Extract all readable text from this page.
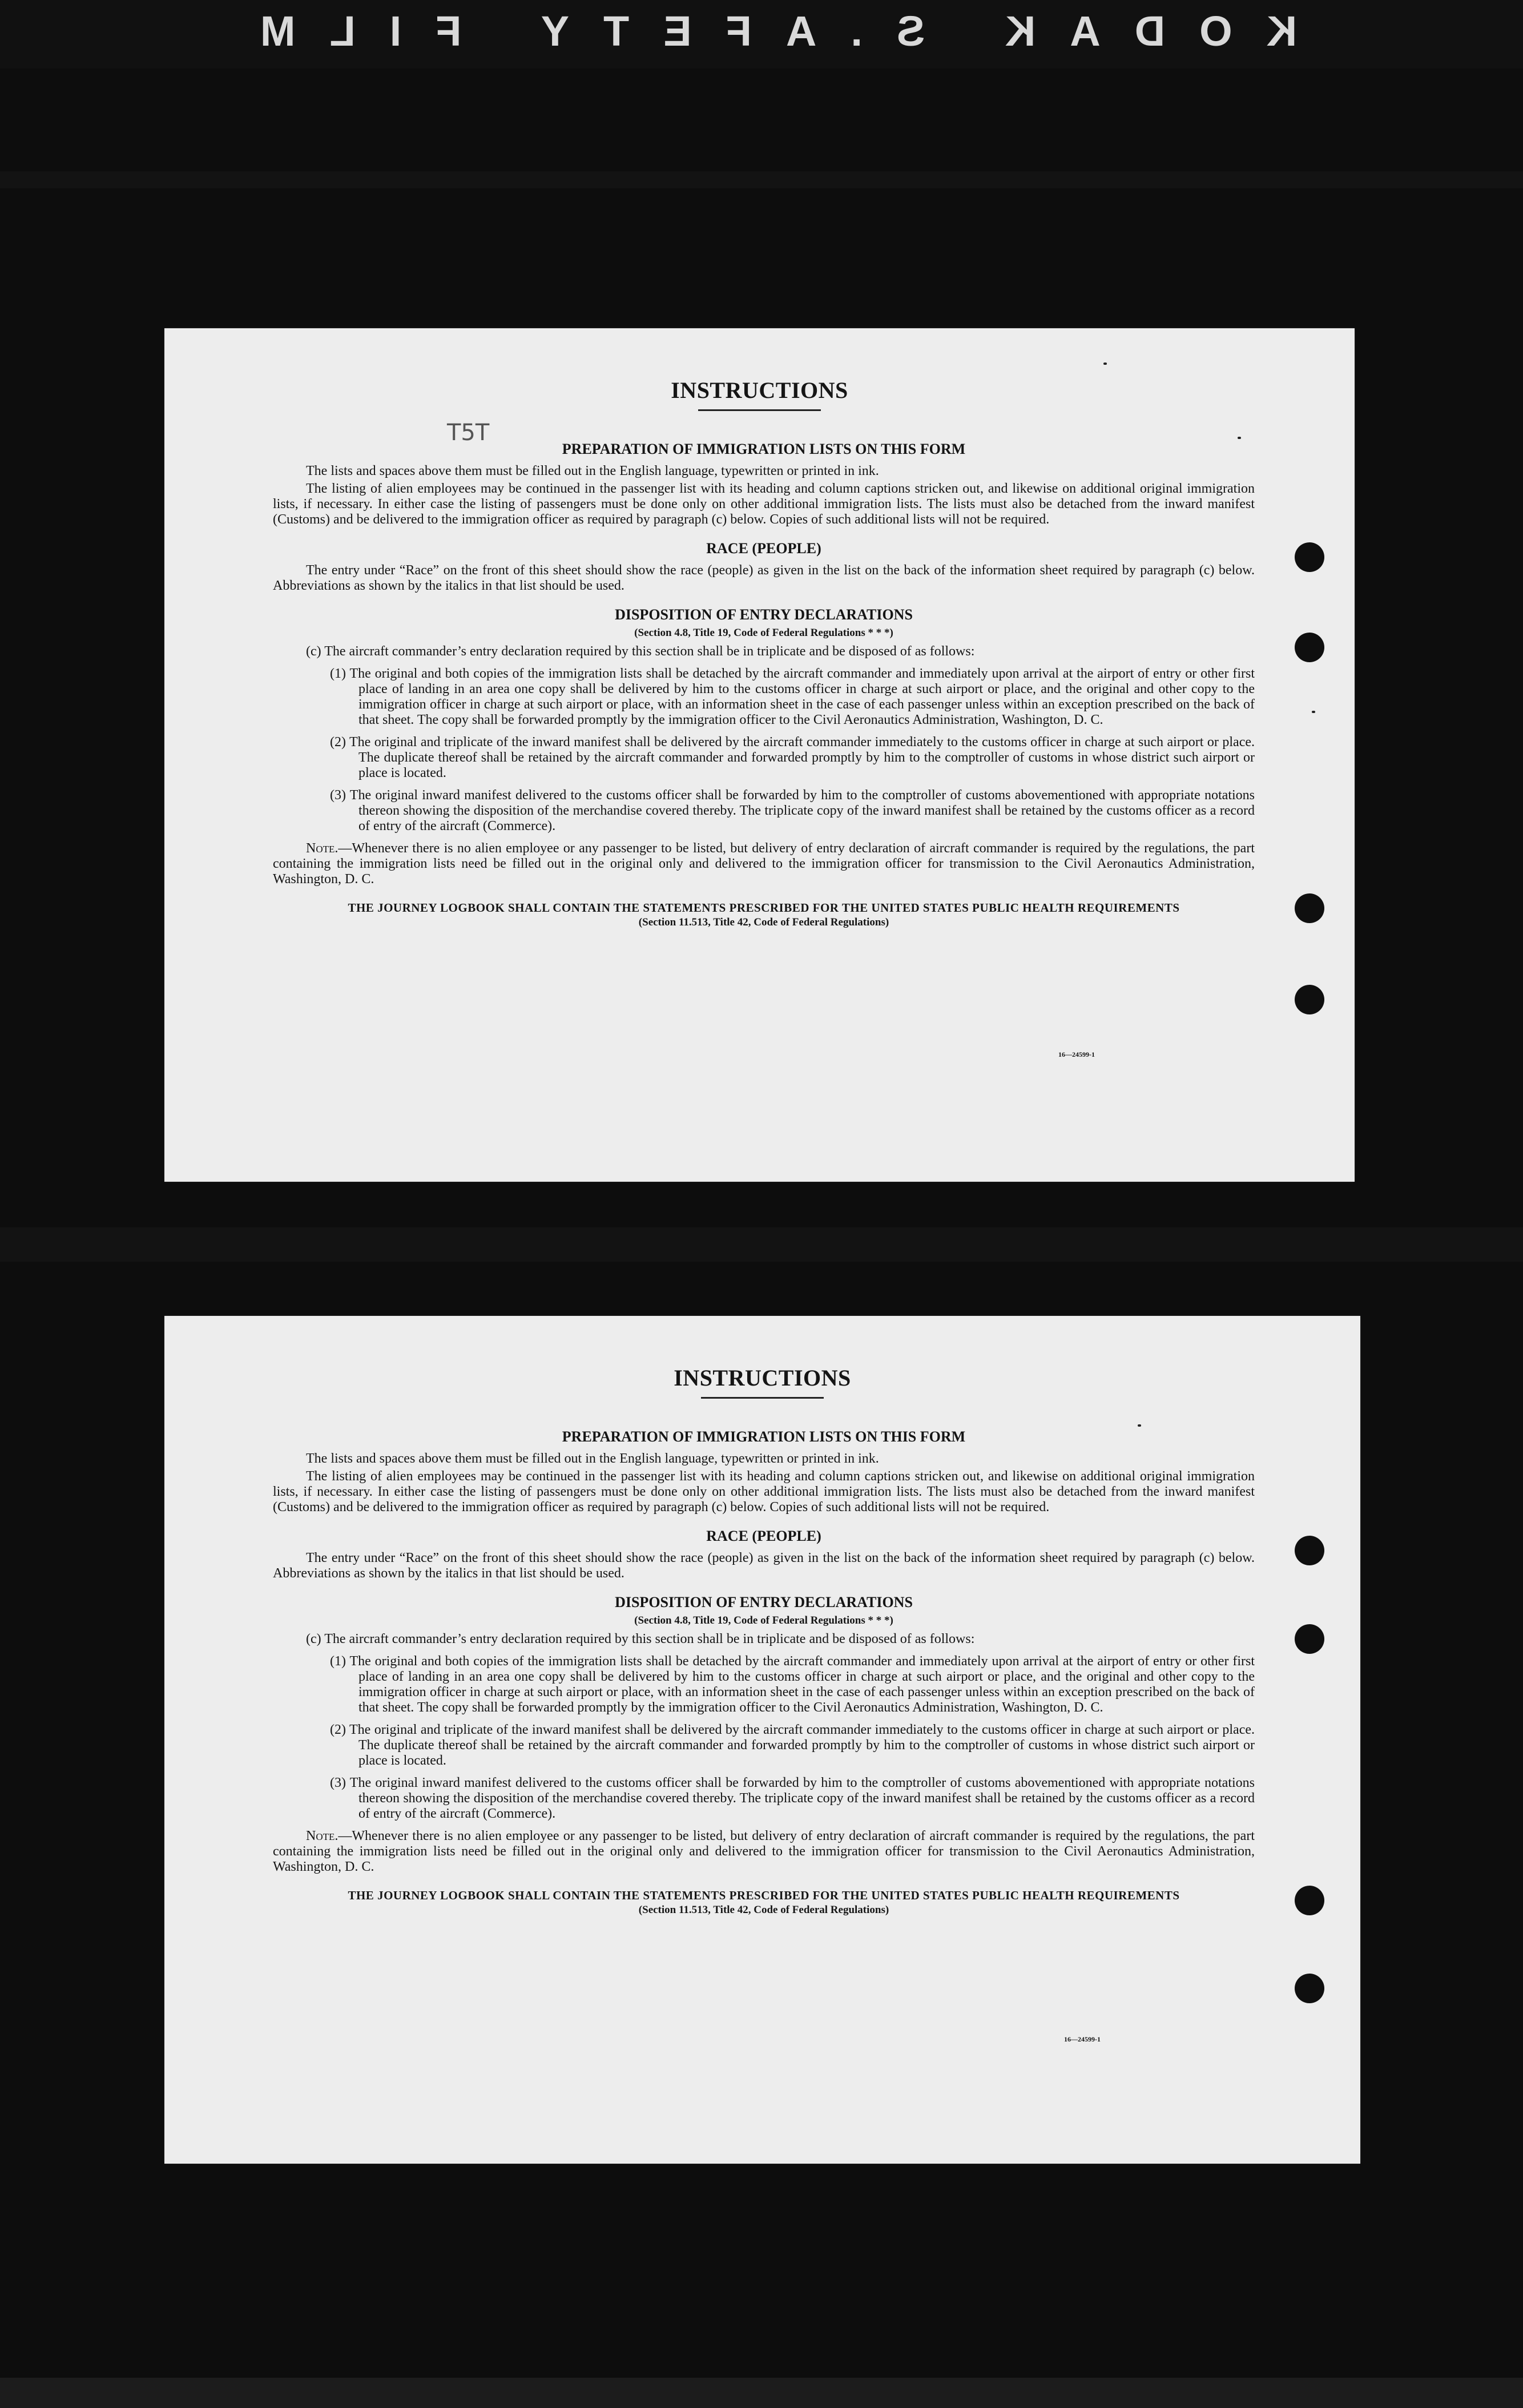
KODAK S.AFETY FILM
T5T
INSTRUCTIONS
PREPARATION OF IMMIGRATION LISTS ON THIS FORM

The lists and spaces above them must be filled out in the English language, typewritten or printed in ink.

The listing of alien employees may be continued in the passenger list with its heading and column captions stricken out, and likewise on additional original immigration lists, if necessary. In either case the listing of passengers must be done only on other additional immigration lists. The lists must also be detached from the inward manifest (Customs) and be delivered to the immigration officer as required by paragraph (c) below. Copies of such additional lists will not be required.

RACE (PEOPLE)

The entry under “Race” on the front of this sheet should show the race (people) as given in the list on the back of the information sheet required by paragraph (c) below. Abbreviations as shown by the italics in that list should be used.

DISPOSITION OF ENTRY DECLARATIONS
(Section 4.8, Title 19, Code of Federal Regulations * * *)

(c) The aircraft commander’s entry declaration required by this section shall be in triplicate and be disposed of as follows:

(1) The original and both copies of the immigration lists shall be detached by the aircraft commander and immediately upon arrival at the airport of entry or other first place of landing in an area one copy shall be delivered by him to the customs officer in charge at such airport or place, and the original and other copy to the immigration officer in charge at such airport or place, with an information sheet in the case of each passenger unless within an exception prescribed on the back of that sheet. The copy shall be forwarded promptly by the immigration officer to the Civil Aeronautics Administration, Washington, D. C.

(2) The original and triplicate of the inward manifest shall be delivered by the aircraft commander immediately to the customs officer in charge at such airport or place. The duplicate thereof shall be retained by the aircraft commander and forwarded promptly by him to the comptroller of customs in whose district such airport or place is located.

(3) The original inward manifest delivered to the customs officer shall be forwarded by him to the comptroller of customs abovementioned with appropriate notations thereon showing the disposition of the merchandise covered thereby. The triplicate copy of the inward manifest shall be retained by the customs officer as a record of entry of the aircraft (Commerce).

Note.—Whenever there is no alien employee or any passenger to be listed, but delivery of entry declaration of aircraft commander is required by the regulations, the part containing the immigration lists need be filled out in the original only and delivered to the immigration officer for transmission to the Civil Aeronautics Administration, Washington, D. C.

THE JOURNEY LOGBOOK SHALL CONTAIN THE STATEMENTS PRESCRIBED FOR THE UNITED STATES PUBLIC HEALTH REQUIREMENTS
(Section 11.513, Title 42, Code of Federal Regulations)
16—24599-1
INSTRUCTIONS
PREPARATION OF IMMIGRATION LISTS ON THIS FORM

The lists and spaces above them must be filled out in the English language, typewritten or printed in ink.

The listing of alien employees may be continued in the passenger list with its heading and column captions stricken out, and likewise on additional original immigration lists, if necessary. In either case the listing of passengers must be done only on other additional immigration lists. The lists must also be detached from the inward manifest (Customs) and be delivered to the immigration officer as required by paragraph (c) below. Copies of such additional lists will not be required.

RACE (PEOPLE)

The entry under “Race” on the front of this sheet should show the race (people) as given in the list on the back of the information sheet required by paragraph (c) below. Abbreviations as shown by the italics in that list should be used.

DISPOSITION OF ENTRY DECLARATIONS
(Section 4.8, Title 19, Code of Federal Regulations * * *)

(c) The aircraft commander’s entry declaration required by this section shall be in triplicate and be disposed of as follows:

(1) The original and both copies of the immigration lists shall be detached by the aircraft commander and immediately upon arrival at the airport of entry or other first place of landing in an area one copy shall be delivered by him to the customs officer in charge at such airport or place, and the original and other copy to the immigration officer in charge at such airport or place, with an information sheet in the case of each passenger unless within an exception prescribed on the back of that sheet. The copy shall be forwarded promptly by the immigration officer to the Civil Aeronautics Administration, Washington, D. C.

(2) The original and triplicate of the inward manifest shall be delivered by the aircraft commander immediately to the customs officer in charge at such airport or place. The duplicate thereof shall be retained by the aircraft commander and forwarded promptly by him to the comptroller of customs in whose district such airport or place is located.

(3) The original inward manifest delivered to the customs officer shall be forwarded by him to the comptroller of customs abovementioned with appropriate notations thereon showing the disposition of the merchandise covered thereby. The triplicate copy of the inward manifest shall be retained by the customs officer as a record of entry of the aircraft (Commerce).

Note.—Whenever there is no alien employee or any passenger to be listed, but delivery of entry declaration of aircraft commander is required by the regulations, the part containing the immigration lists need be filled out in the original only and delivered to the immigration officer for transmission to the Civil Aeronautics Administration, Washington, D. C.

THE JOURNEY LOGBOOK SHALL CONTAIN THE STATEMENTS PRESCRIBED FOR THE UNITED STATES PUBLIC HEALTH REQUIREMENTS
(Section 11.513, Title 42, Code of Federal Regulations)
16—24599-1
